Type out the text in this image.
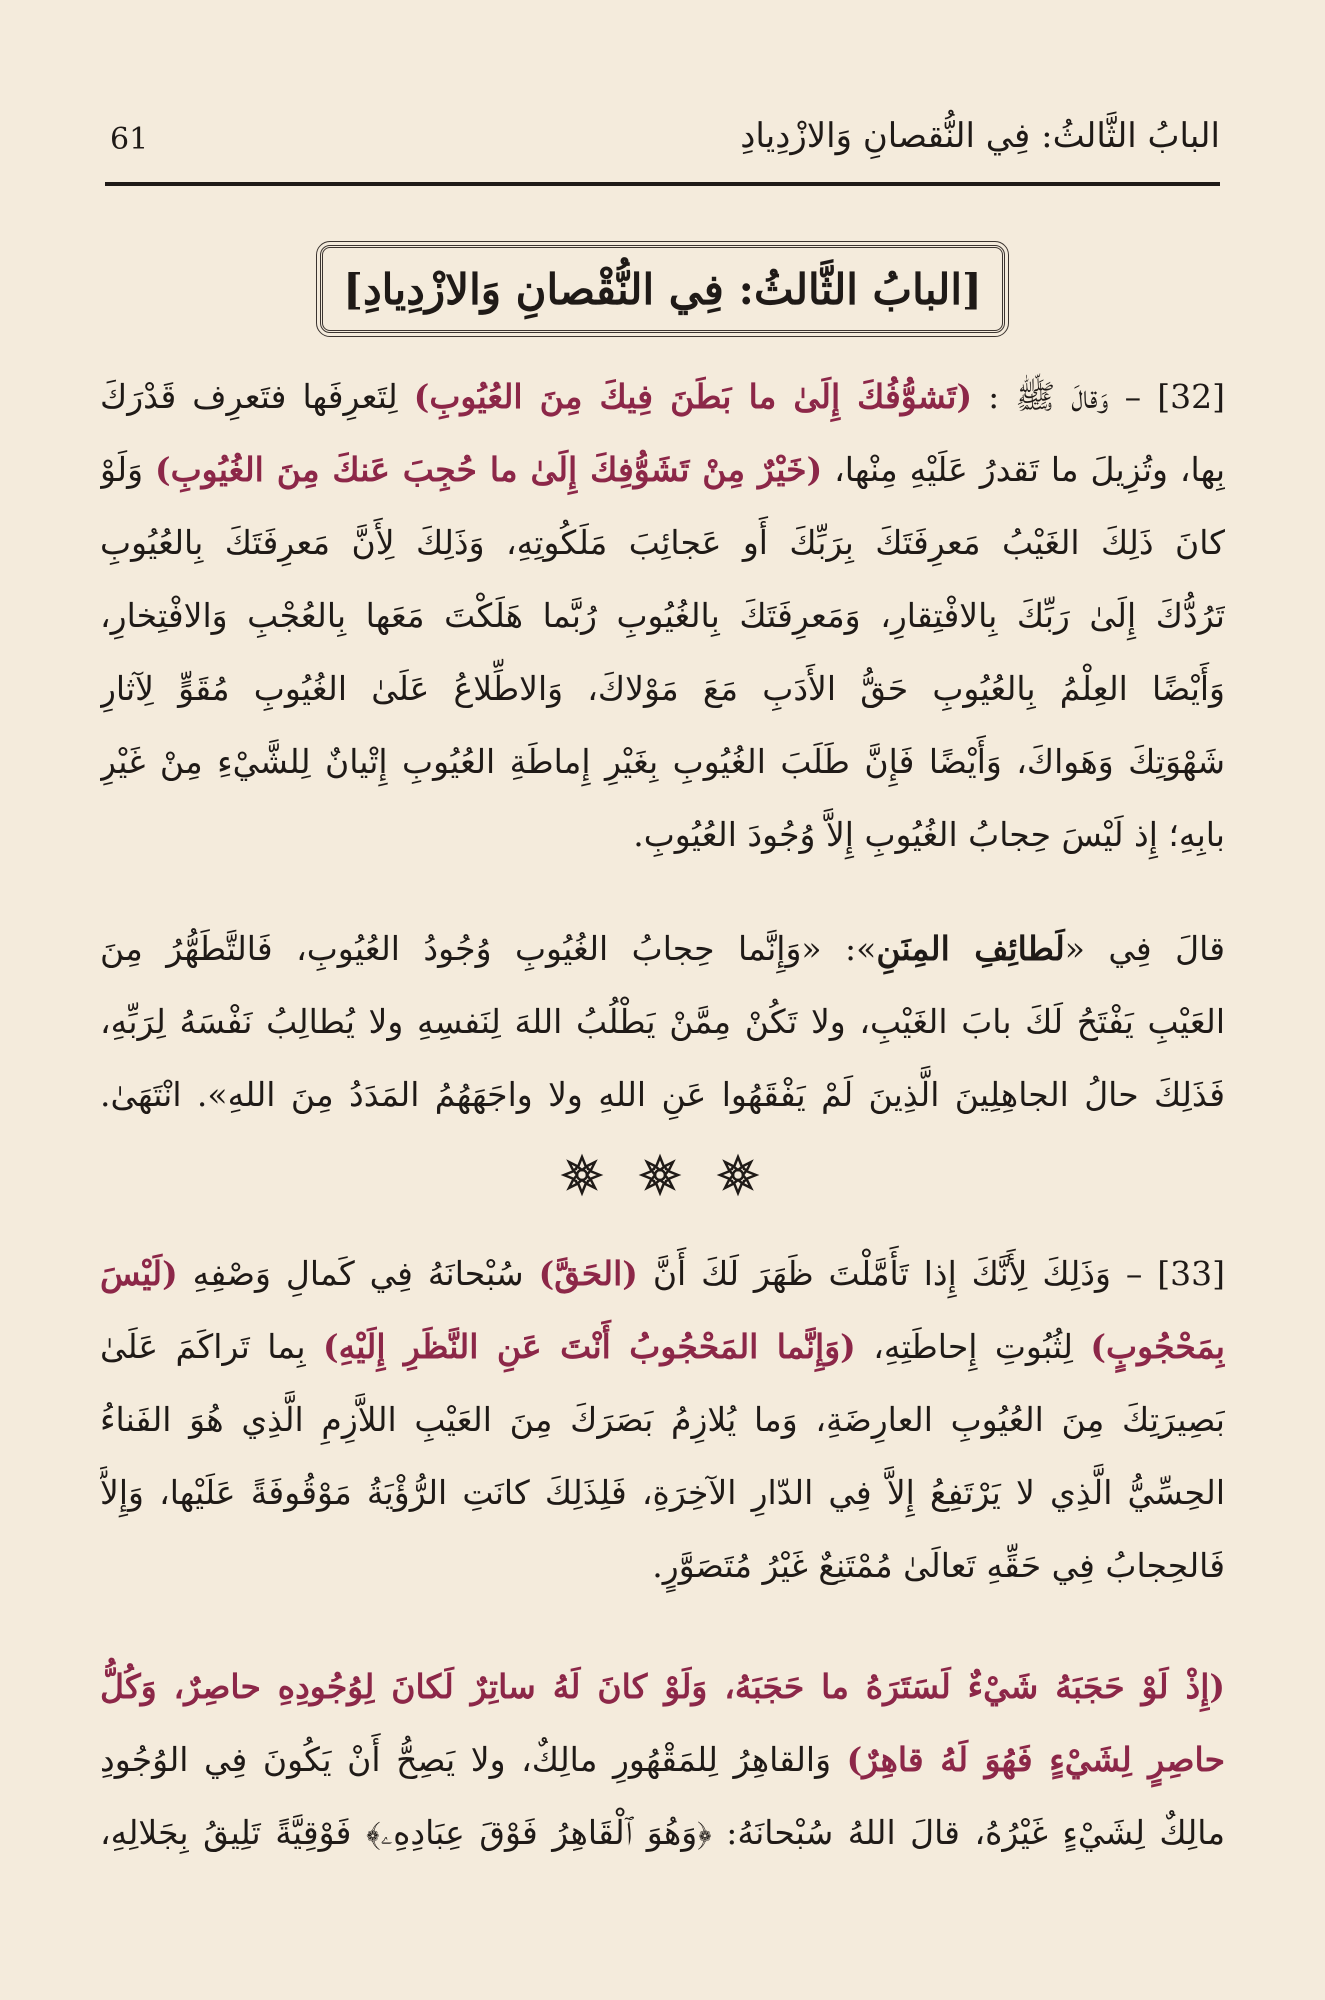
61	البابُ الثَّالثُ: فِي النُّقصانِ وَالازْدِيادِ
[البابُ الثَّالثُ: فِي النُّقْصانِ وَالازْدِيادِ]
[32] – وَقالَ ﷺ : (تَشوُّفُكَ إِلَىٰ ما بَطَنَ فِيكَ مِنَ العُيُوبِ) لِتَعرِفَها فتَعرِف قَدْرَكَ
بِها، وتُزِيلَ ما تَقدرُ عَلَيْهِ مِنْها، (خَيْرٌ مِنْ تَشَوُّفِكَ إِلَىٰ ما حُجِبَ عَنكَ مِنَ الغُيُوبِ) وَلَوْ
كانَ ذَلِكَ الغَيْبُ مَعرِفَتَكَ بِرَبِّكَ أَو عَجائِبَ مَلَكُوتِهِ، وَذَلِكَ لِأَنَّ مَعرِفَتَكَ بِالعُيُوبِ
تَرُدُّكَ إِلَىٰ رَبِّكَ بِالافْتِقارِ، وَمَعرِفَتَكَ بِالغُيُوبِ رُبَّما هَلَكْتَ مَعَها بِالعُجْبِ وَالافْتِخارِ،
وَأَيْضًا العِلْمُ بِالعُيُوبِ حَقُّ الأَدَبِ مَعَ مَوْلاكَ، وَالاطِّلاعُ عَلَىٰ الغُيُوبِ مُقَوٍّ لِآثارِ
شَهْوَتِكَ وَهَواكَ، وَأَيْضًا فَإِنَّ طَلَبَ الغُيُوبِ بِغَيْرِ إِماطَةِ العُيُوبِ إِتْيانٌ لِلشَّيْءِ مِنْ غَيْرِ
بابِهِ؛ إِذ لَيْسَ حِجابُ الغُيُوبِ إِلاَّ وُجُودَ العُيُوبِ.
قالَ فِي «لَطائِفِ المِنَنِ»: «وَإِنَّما حِجابُ الغُيُوبِ وُجُودُ العُيُوبِ، فَالتَّطَهُّرُ مِنَ
العَيْبِ يَفْتَحُ لَكَ بابَ الغَيْبِ، ولا تَكُنْ مِمَّنْ يَطْلُبُ اللهَ لِنَفسِهِ ولا يُطالِبُ نَفْسَهُ لِرَبِّهِ،
فَذَلِكَ حالُ الجاهِلِينَ الَّذِينَ لَمْ يَفْقَهُوا عَنِ اللهِ ولا واجَهَهُمُ المَدَدُ مِنَ اللهِ». انْتَهَىٰ.
[33] – وَذَلِكَ لِأَنَّكَ إِذا تَأَمَّلْتَ ظَهَرَ لَكَ أَنَّ (الحَقَّ) سُبْحانَهُ فِي كَمالِ وَصْفِهِ (لَيْسَ
بِمَحْجُوبٍ) لِثُبُوتِ إِحاطَتِهِ، (وَإِنَّما المَحْجُوبُ أَنْتَ عَنِ النَّظَرِ إِلَيْهِ) بِما تَراكَمَ عَلَىٰ
بَصِيرَتِكَ مِنَ العُيُوبِ العارِضَةِ، وَما يُلازِمُ بَصَرَكَ مِنَ العَيْبِ اللاَّزِمِ الَّذِي هُوَ الفَناءُ
الحِسِّيُّ الَّذِي لا يَرْتَفِعُ إِلاَّ فِي الدّارِ الآخِرَةِ، فَلِذَلِكَ كانَتِ الرُّؤْيَةُ مَوْقُوفَةً عَلَيْها، وَإِلاَّ
فَالحِجابُ فِي حَقِّهِ تَعالَىٰ مُمْتَنِعٌ غَيْرُ مُتَصَوَّرٍ.
(إِذْ لَوْ حَجَبَهُ شَيْءٌ لَسَتَرَهُ ما حَجَبَهُ، وَلَوْ كانَ لَهُ ساتِرٌ لَكانَ لِوُجُودِهِ حاصِرٌ، وَكُلُّ
حاصِرٍ لِشَيْءٍ فَهُوَ لَهُ قاهِرٌ) وَالقاهِرُ لِلمَقْهُورِ مالِكٌ، ولا يَصِحُّ أَنْ يَكُونَ فِي الوُجُودِ
مالِكٌ لِشَيْءٍ غَيْرُهُ، قالَ اللهُ سُبْحانَهُ: ﴿وَهُوَ ٱلْقَاهِرُ فَوْقَ عِبَادِهِۦ﴾ فَوْقِيَّةً تَلِيقُ بِجَلالِهِ،
